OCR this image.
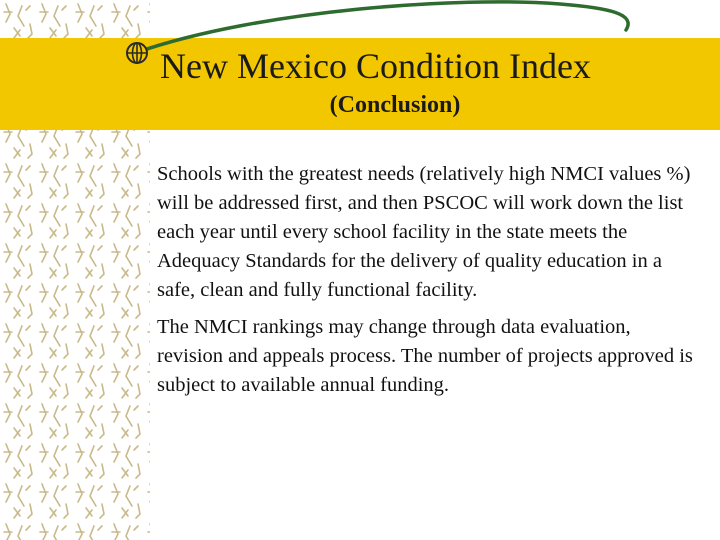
New Mexico Condition Index
(Conclusion)

Schools with the greatest needs (relatively high NMCI values %) will be addressed first, and then PSCOC will work down the list each year until every school facility in the state meets the Adequacy Standards for the delivery of quality education in a safe, clean and fully functional facility.

The NMCI rankings may change through data evaluation, revision and appeals process. The number of projects approved is subject to available annual funding.
